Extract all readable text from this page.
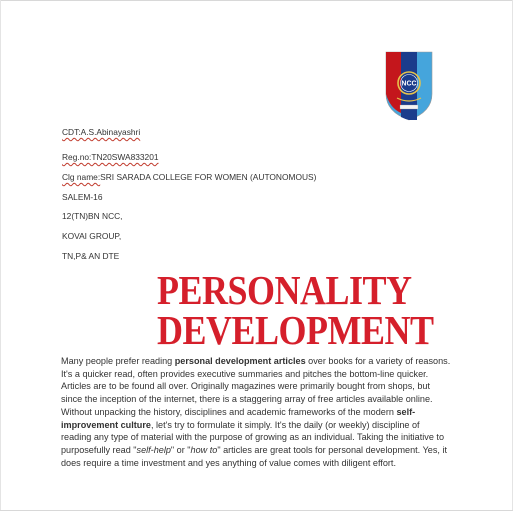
NCC
CDT:A.S.Abinayashri
Reg.no:TN20SWA833201
Clg name:SRI SARADA COLLEGE FOR WOMEN (AUTONOMOUS)
SALEM-16
12(TN)BN NCC,
KOVAI GROUP,
TN,P& AN DTE
PERSONALITY
DEVELOPMENT
Many people prefer reading personal development articles over books for a variety of reasons. It's a quicker read, often provides executive summaries and pitches the bottom-line quicker. Articles are to be found all over. Originally magazines were primarily bought from shops, but since the inception of the internet, there is a staggering array of free articles available online. Without unpacking the history, disciplines and academic frameworks of the modern self-improvement culture, let's try to formulate it simply. It's the daily (or weekly) discipline of reading any type of material with the purpose of growing as an individual. Taking the initiative to purposefully read "self-help" or "how to" articles are great tools for personal development. Yes, it does require a time investment and yes anything of value comes with diligent effort.
